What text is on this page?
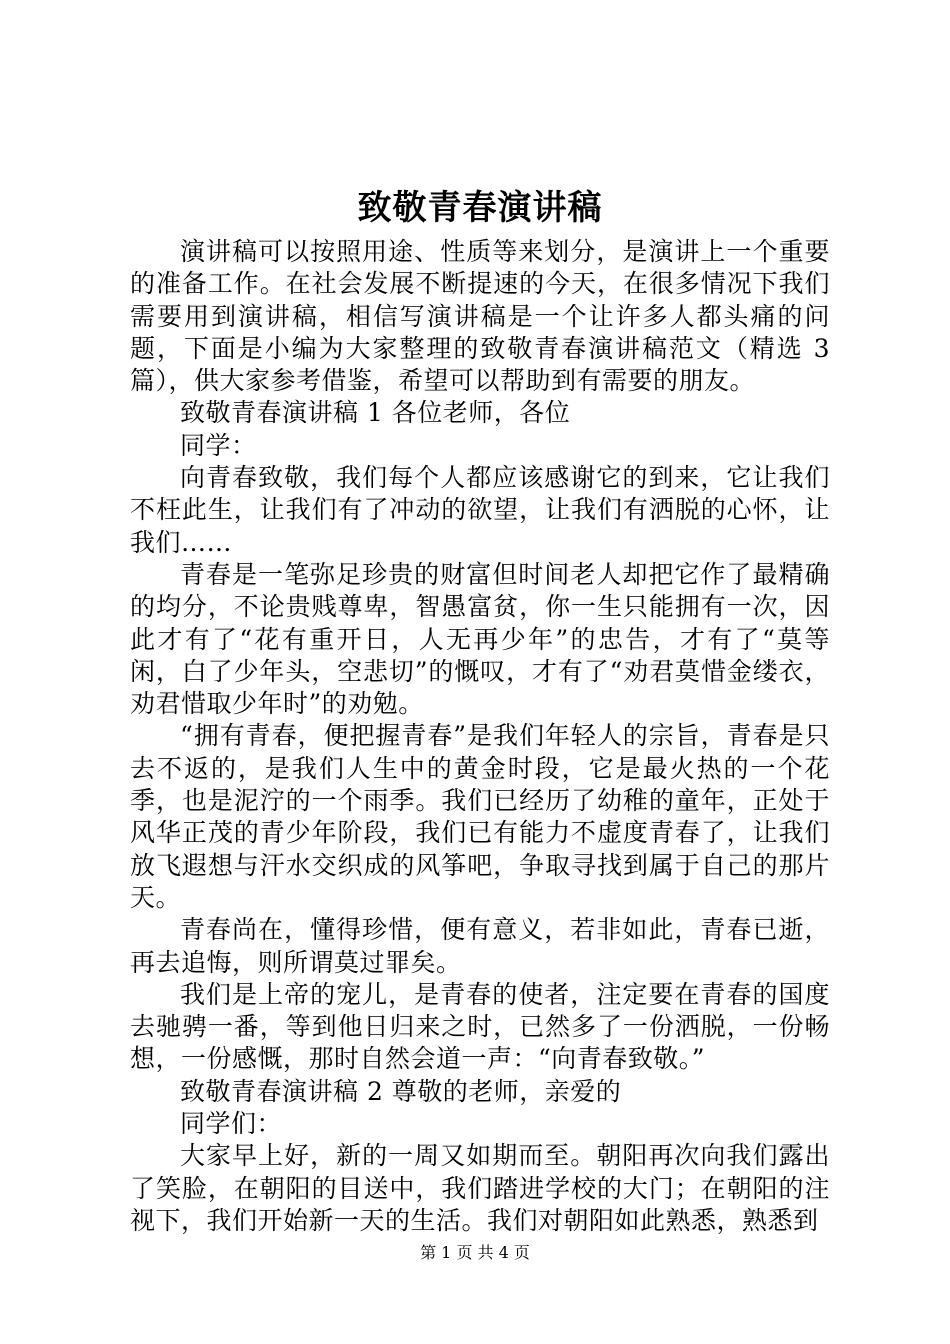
致敬青春演讲稿

演讲稿可以按照用途、性质等来划分，是演讲上一个重要的准备工作。在社会发展不断提速的今天，在很多情况下我们需要用到演讲稿，相信写演讲稿是一个让许多人都头痛的问题，下面是小编为大家整理的致敬青春演讲稿范文（精选 3 篇），供大家参考借鉴，希望可以帮助到有需要的朋友。

致敬青春演讲稿 1 各位老师，各位

同学：

向青春致敬，我们每个人都应该感谢它的到来，它让我们不枉此生，让我们有了冲动的欲望，让我们有洒脱的心怀，让我们……

青春是一笔弥足珍贵的财富但时间老人却把它作了最精确的均分，不论贵贱尊卑，智愚富贫，你一生只能拥有一次，因此才有了“花有重开日，人无再少年”的忠告，才有了“莫等闲，白了少年头，空悲切”的慨叹，才有了“劝君莫惜金缕衣，劝君惜取少年时”的劝勉。

“拥有青春，便把握青春”是我们年轻人的宗旨，青春是只去不返的，是我们人生中的黄金时段，它是最火热的一个花季，也是泥泞的一个雨季。我们已经历了幼稚的童年，正处于风华正茂的青少年阶段，我们已有能力不虚度青春了，让我们放飞遐想与汗水交织成的风筝吧，争取寻找到属于自己的那片天。

青春尚在，懂得珍惜，便有意义，若非如此，青春已逝，再去追悔，则所谓莫过罪矣。

我们是上帝的宠儿，是青春的使者，注定要在青春的国度去驰骋一番，等到他日归来之时，已然多了一份洒脱，一份畅想，一份感慨，那时自然会道一声：“向青春致敬。”

致敬青春演讲稿 2 尊敬的老师，亲爱的

同学们：

大家早上好，新的一周又如期而至。朝阳再次向我们露出了笑脸，在朝阳的目送中，我们踏进学校的大门；在朝阳的注视下，我们开始新一天的生活。我们对朝阳如此熟悉，熟悉到

第 1 页 共 4 页
